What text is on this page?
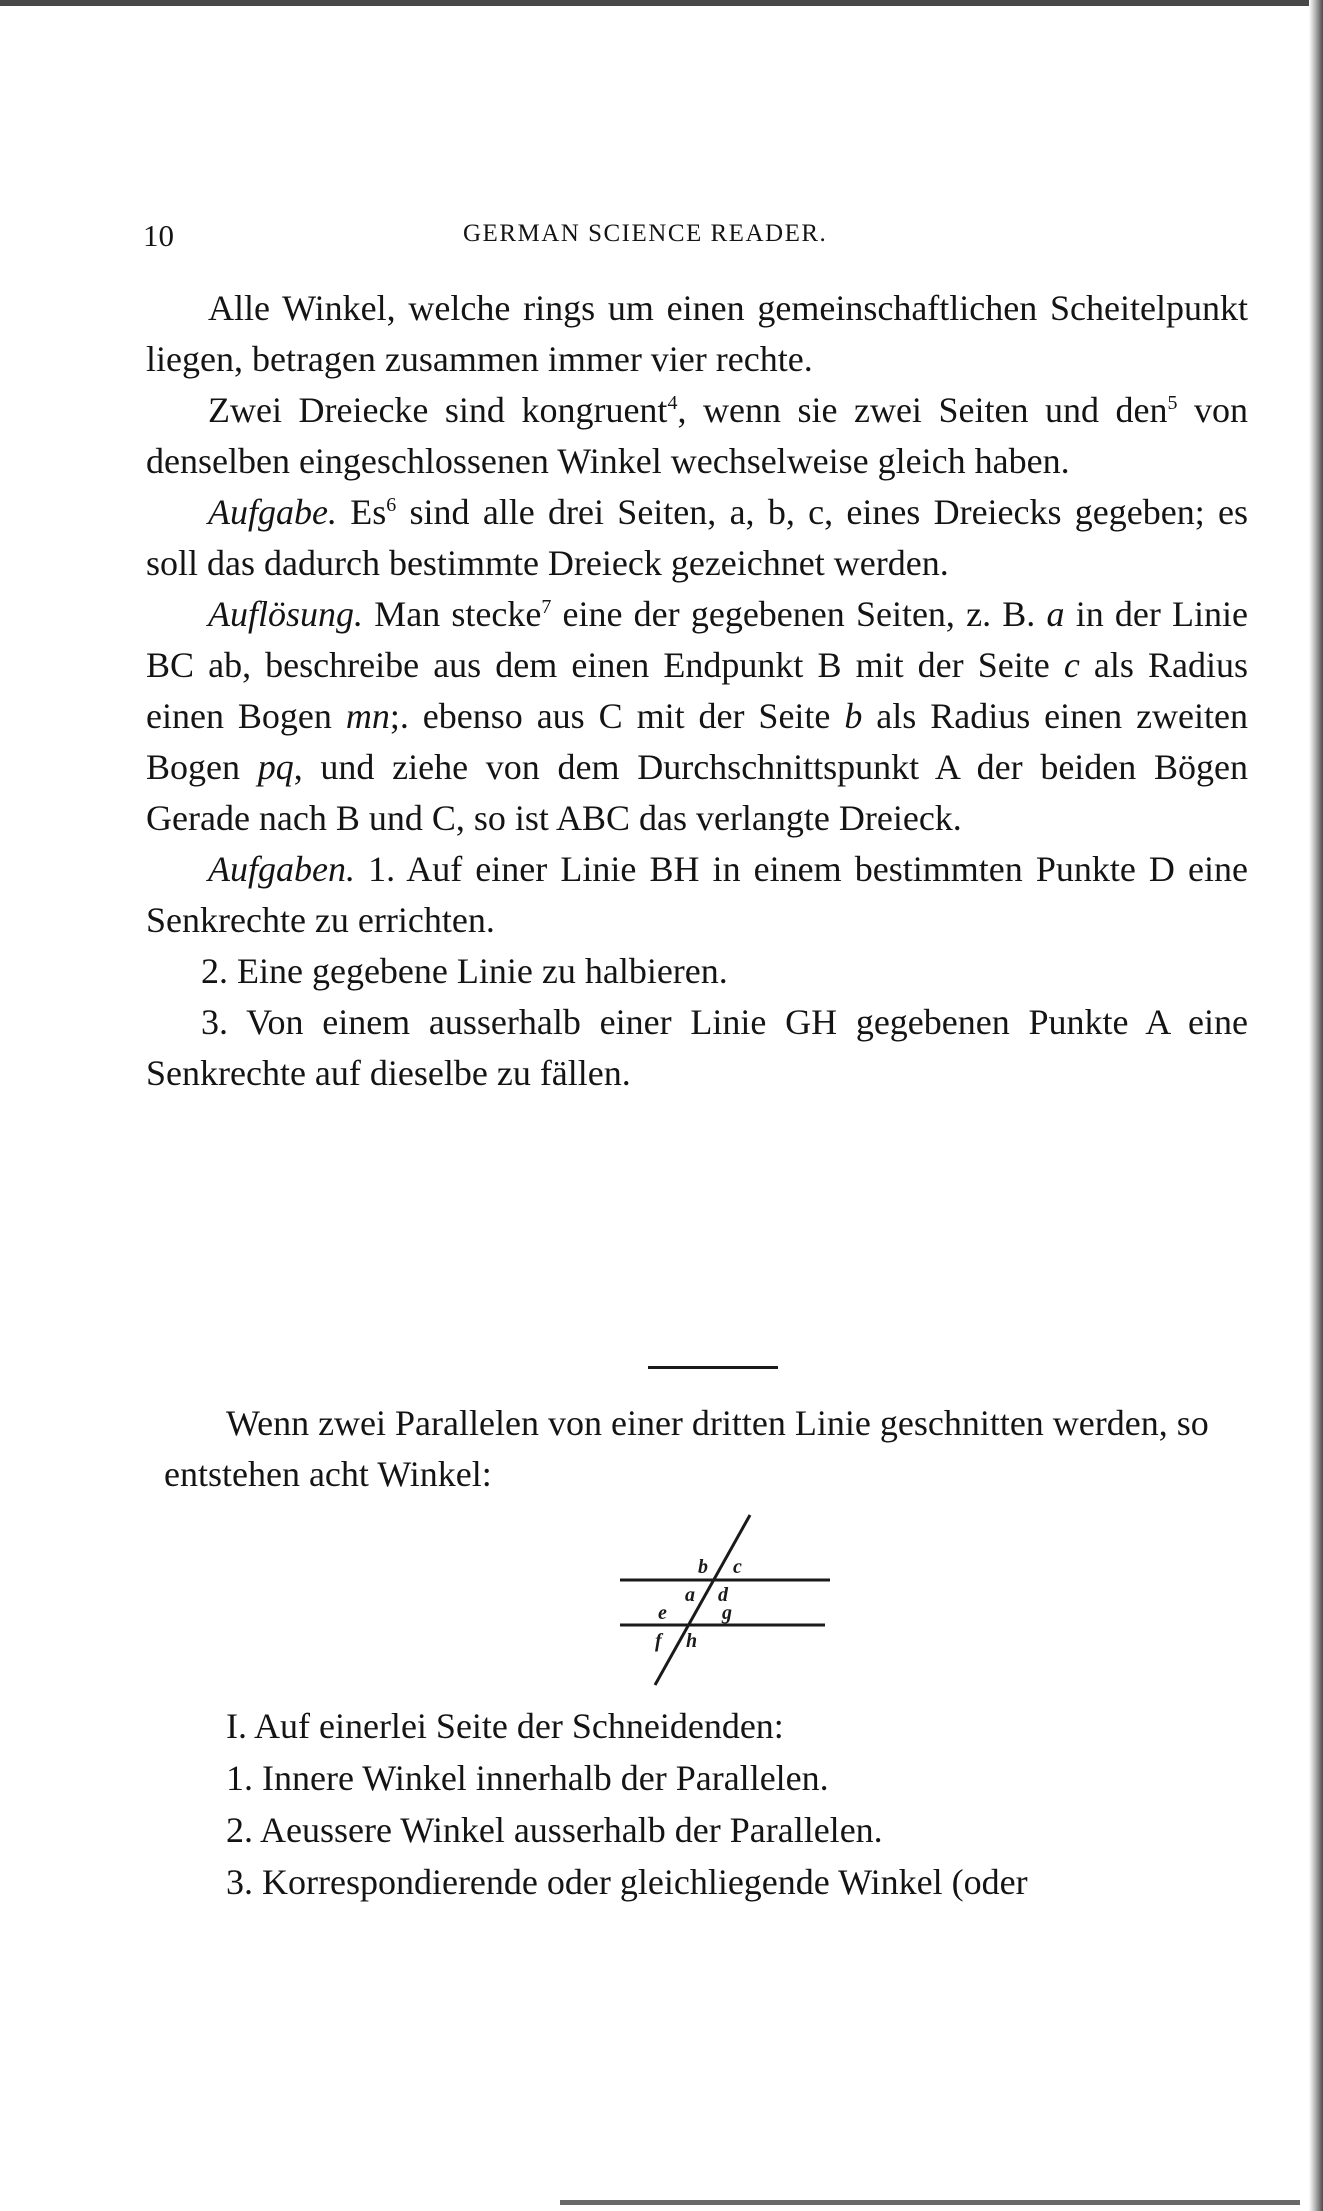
10	GERMAN SCIENCE READER.

Alle Winkel, welche rings um einen gemeinschaftlichen Scheitelpunkt liegen, betragen zusammen immer vier rechte.

Zwei Dreiecke sind kongruent$^4$, wenn sie zwei Seiten und den$^5$ von denselben eingeschlossenen Winkel wechselweise gleich haben.

Aufgabe. Es$^6$ sind alle drei Seiten, a, b, c, eines Dreiecks gegeben; es soll das dadurch bestimmte Dreieck gezeichnet werden.

Auflösung. Man stecke$^7$ eine der gegebenen Seiten, z. B. a in der Linie BC ab, beschreibe aus dem einen Endpunkt B mit der Seite c als Radius einen Bogen mn;. ebenso aus C mit der Seite b als Radius einen zweiten Bogen pq, und ziehe von dem Durchschnittspunkt A der beiden Bögen Gerade nach B und C, so ist ABC das verlangte Dreieck.

Aufgaben. 1. Auf einer Linie BH in einem bestimmten Punkte D eine Senkrechte zu errichten.

2. Eine gegebene Linie zu halbieren.

3. Von einem ausserhalb einer Linie GH gegebenen Punkte A eine Senkrechte auf dieselbe zu fällen.

Wenn zwei Parallelen von einer dritten Linie geschnitten werden, so entstehen acht Winkel:

b c
a d
e	g
f h
I. Auf einerlei Seite der Schneidenden:
1. Innere Winkel innerhalb der Parallelen.
2. Aeussere Winkel ausserhalb der Parallelen.
3. Korrespondierende oder gleichliegende Winkel (oder
